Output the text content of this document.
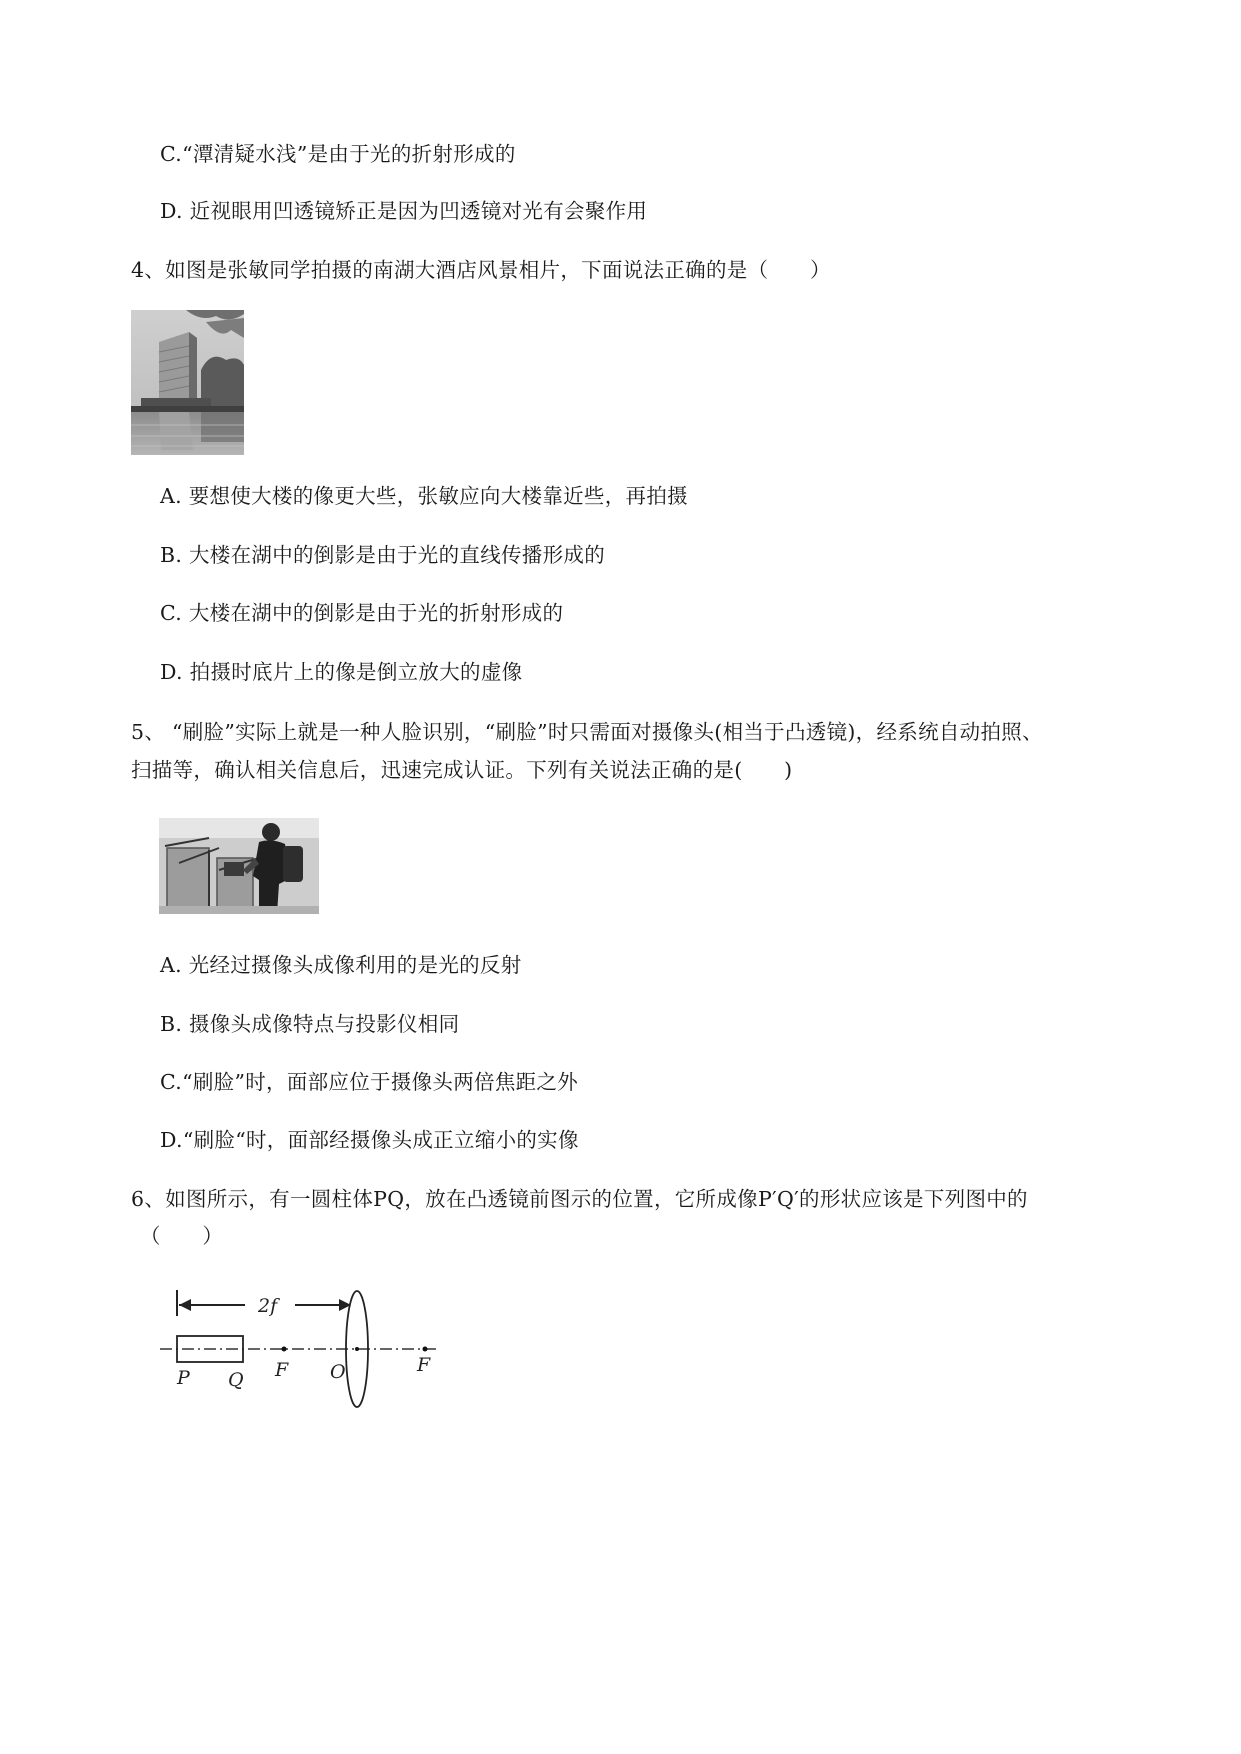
C.“潭清疑水浅”是由于光的折射形成的
D. 近视眼用凹透镜矫正是因为凹透镜对光有会聚作用
4、如图是张敏同学拍摄的南湖大酒店风景相片，下面说法正确的是（　　）
A. 要想使大楼的像更大些，张敏应向大楼靠近些，再拍摄
B. 大楼在湖中的倒影是由于光的直线传播形成的
C. 大楼在湖中的倒影是由于光的折射形成的
D. 拍摄时底片上的像是倒立放大的虚像
5、 “刷脸”实际上就是一种人脸识别，“刷脸”时只需面对摄像头(相当于凸透镜)，经系统自动拍照、
扫描等，确认相关信息后，迅速完成认证。下列有关说法正确的是(　　)
A. 光经过摄像头成像利用的是光的反射
B. 摄像头成像特点与投影仪相同
C.“刷脸”时，面部应位于摄像头两倍焦距之外
D.“刷脸“时，面部经摄像头成正立缩小的实像
6、如图所示，有一圆柱体PQ，放在凸透镜前图示的位置，它所成像P′Q′的形状应该是下列图中的
（　　）
2f
P Q F O	F
